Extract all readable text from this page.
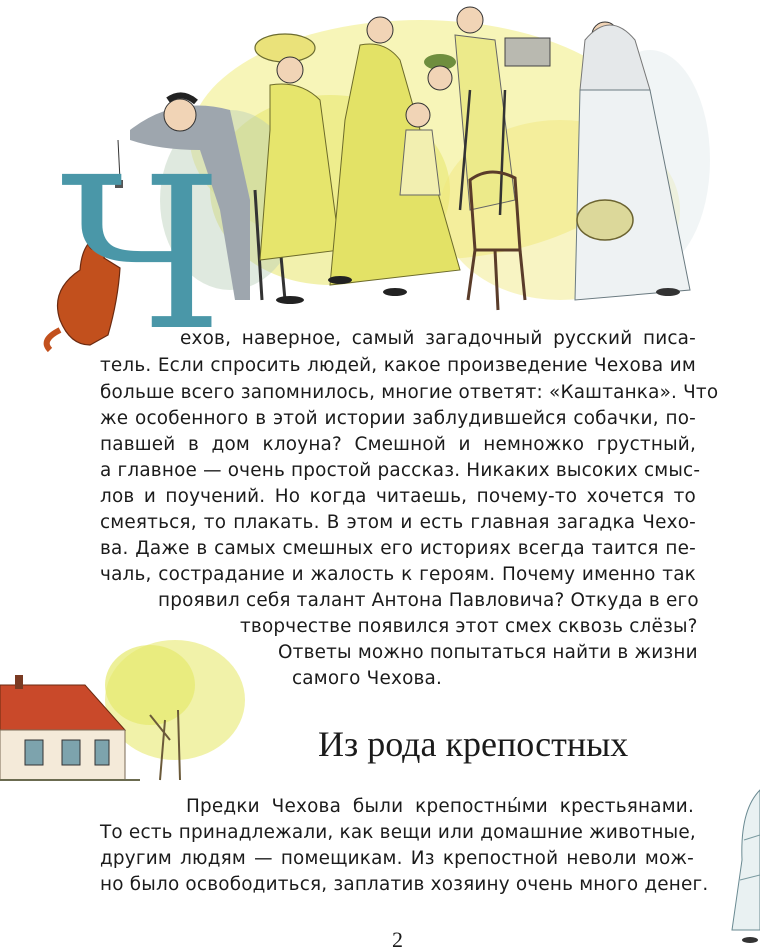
Ч
ехов, наверное, самый загадочный русский писа-
тель. Если спросить людей, какое произведение Чехова им
больше всего запомнилось, многие ответят: «Каштанка». Что
же особенного в этой истории заблудившейся собачки, по-
павшей в дом клоуна? Смешной и немножко грустный,
а главное — очень простой рассказ. Никаких высоких смыс-
лов и поучений. Но когда читаешь, почему-то хочется то
смеяться, то плакать. В этом и есть главная загадка Чехо-
ва. Даже в самых смешных его историях всегда таится пе-
чаль, сострадание и жалость к героям. Почему именно так
проявил себя талант Антона Павловича? Откуда в его
творчестве появился этот смех сквозь слёзы?
Ответы можно попытаться найти в жизни
самого Чехова.
Из рода крепостных
Предки Чехова были крепостны́ми крестьянами.
То есть принадлежали, как вещи или домашние животные,
другим людям — помещикам. Из крепостной неволи мож-
но было освободиться, заплатив хозяину очень много денег.
2
